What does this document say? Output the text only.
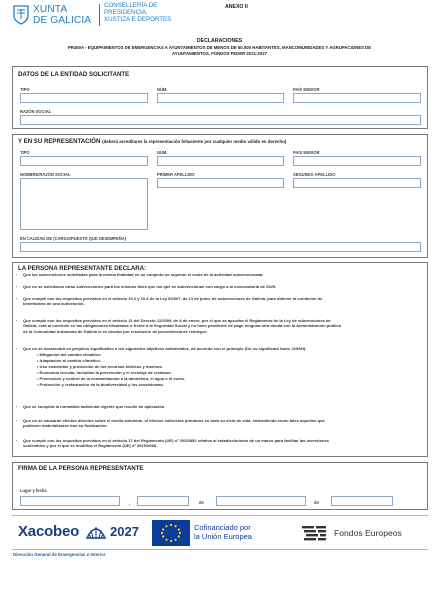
XUNTA
DE GALICIA
CONSELLERÍA DE
PRESIDENCIA,
XUSTIZA E DEPORTES
ANEXO II
DECLARACIONES
PR450A - EQUIPAMIENTOS DE EMERGENCIAS A AYUNTAMIENTOS DE MENOS DE 50.000 HABITANTES, MANCOMUNIDADES Y AGRUPACIONES DE
AYUNTAMIENTOS. FONDOS FEDER 2021-2027
DATOS DE LA ENTIDAD SOLICITANTE
TIPO	NÚM.	PAÍS EMISOR
RAZÓN SOCIAL
Y EN SU REPRESENTACIÓN (deberá acreditarse la representación fehaciente por cualquier medio válido en derecho)
TIPO	NÚM.	PAÍS EMISOR
NOMBRE/RAZÓN SOCIAL	PRIMER APELLIDO	SEGUNDO APELLIDO
EN CALIDAD DE (CARGO/PUESTO QUE DESEMPEÑA)
LA PERSONA REPRESENTANTE DECLARA:
-	Que las subvenciones solicitadas para la misma finalidad en su conjunto no superan el coste de la actividad subvencionada.
-	Que no se solicitaron otras subvenciones para los mismos fines que los que se subvencionan con cargo a la convocatoria de 2025.
-	Que cumple con los requisitos previstos en el artículo 10.2 y 10.3 de la Ley 9/2007, de 13 de junio, de subvenciones de Galicia, para obtener la condición de
beneficiario de una subvención.
-	Que cumple con los requisitos previstos en el artículo 11 del Decreto 11/2009, de 8 de enero, por el que se aprueba el Reglamento de la Ley de subvenciones de
Galicia, está al corriente en las obligaciones tributarias o frente a la Seguridad Social y no tiene pendiente de pago ninguna otra deuda con la Administración pública
de la Comunidad Autónoma de Galicia ni es deudor por resolución de procedencia de reintegro.
-	Que no se ocasionará un perjuicio significativo a los siguientes objetivos ambientales, de acuerdo con el principio (Do no significant harm -DNSH):
• Mitigación del cambio climático.
• Adaptación al cambio climático.
• Uso sostenible y protección de los recursos hídricos y marinos.
• Economía circular, incluidos la prevención y el reciclaje de residuos.
• Prevención y control de la contaminación a la atmósfera, el agua o el suelo.
• Protección y restauración de la biodiversidad y los ecosistemas.
-	Que se cumplirá la normativa ambiental vigente que resulte de aplicación.
-	Que no se causarán efectos directos sobre el medio ambiente, ni efectos indirectos primarios en todo su ciclo de vida, entendiendo como tales aquellos que
pudiesen materializarse tras su finalización.
-	Que cumple con los requisitos previstos en el artículo 17 del Reglamento (UE) nº 2020/852 relativo al establecimiento de un marco para facilitar las inversiones
sostenibles y por el que se modifica el Reglamento (UE) nº 2019/2088.
FIRMA DE LA PERSONA REPRESENTANTE
Lugar y fecha
,	de	de
Xacobeo 2027	Cofinanciado por
la Unión Europea	Fondos Europeos
Dirección General de Emergencias e Interior
